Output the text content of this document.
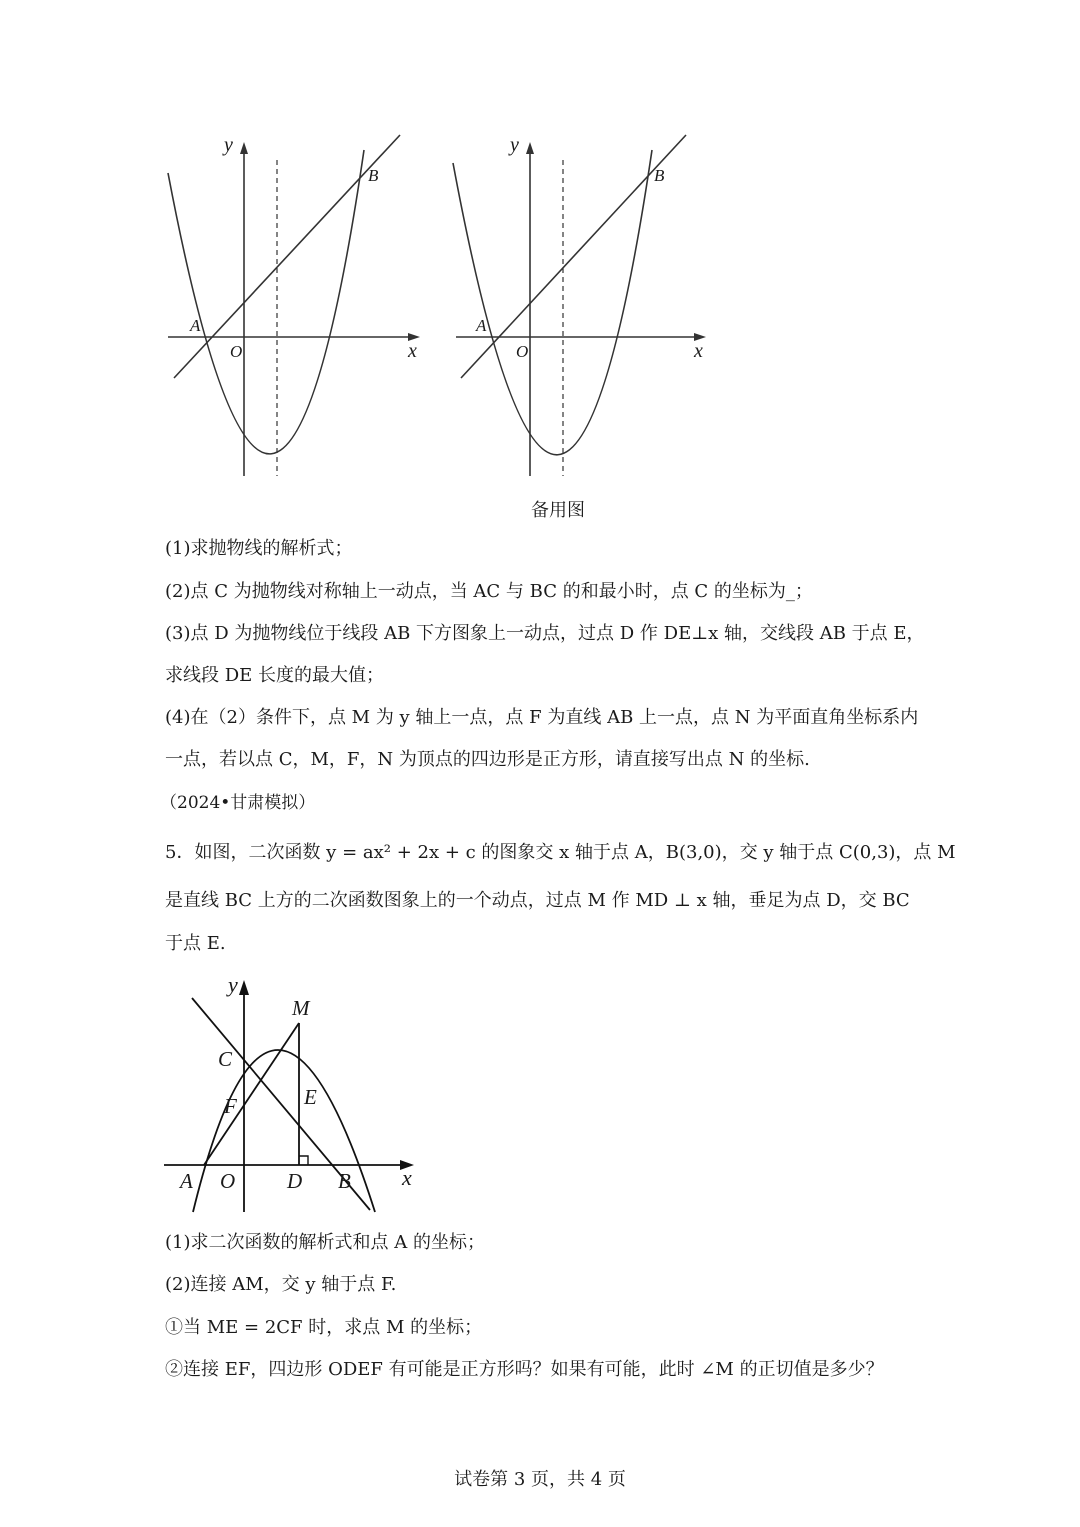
y
x
O
A
B
y
x
O
A
B
备用图
(1)求抛物线的解析式；
(2)点 C 为抛物线对称轴上一动点，当 AC 与 BC 的和最小时，点 C 的坐标为_；
(3)点 D 为抛物线位于线段 AB 下方图象上一动点，过点 D 作 DE⊥x 轴，交线段 AB 于点 E，
求线段 DE 长度的最大值；
(4)在（2）条件下，点 M 为 y 轴上一点，点 F 为直线 AB 上一点，点 N 为平面直角坐标系内
一点，若以点 C，M，F，N 为顶点的四边形是正方形，请直接写出点 N 的坐标.
（2024•甘肃模拟）
5．如图，二次函数 y = ax² + 2x + c 的图象交 x 轴于点 A，B(3,0)，交 y 轴于点 C(0,3)，点 M
是直线 BC 上方的二次函数图象上的一个动点，过点 M 作 MD ⊥ x 轴，垂足为点 D，交 BC
于点 E.
y
x
M
C
F	E
A O D B
(1)求二次函数的解析式和点 A 的坐标；
(2)连接 AM，交 y 轴于点 F.
①当 ME = 2CF 时，求点 M 的坐标；
②连接 EF，四边形 ODEF 有可能是正方形吗？如果有可能，此时 ∠M 的正切值是多少？
试卷第 3 页，共 4 页
